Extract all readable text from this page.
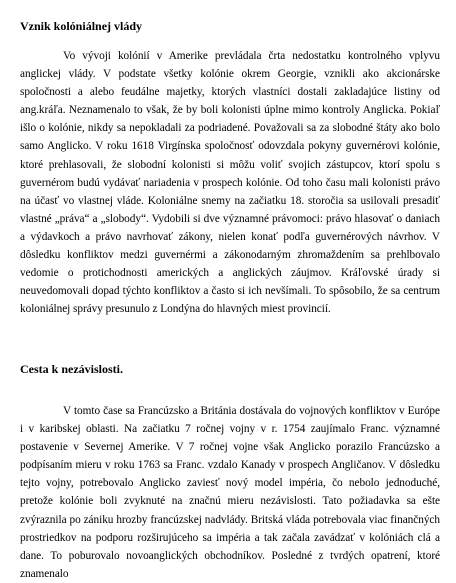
Vznik kolóniálnej vlády

Vo vývoji kolónií v Amerike prevládala črta nedostatku kontrolného vplyvu anglickej vlády. V podstate všetky kolónie okrem Georgie, vznikli ako akcionárske spoločnosti a alebo feudálne majetky, ktorých vlastníci dostali zakladajúce listiny od ang.kráľa. Neznamenalo to však, že by boli kolonisti úplne mimo kontroly Anglicka. Pokiaľ išlo o kolónie, nikdy sa nepokladali za podriadené. Považovali sa za slobodné štáty ako bolo samo Anglicko. V roku 1618 Virgínska spoločnosť odovzdala pokyny guvernérovi kolónie, ktoré prehlasovali, že slobodní kolonisti si môžu voliť svojich zástupcov, ktorí spolu s guvernérom budú vydávať nariadenia v prospech kolónie. Od toho času mali kolonisti právo na účasť vo vlastnej vláde. Koloniálne snemy na začiatku 18. storočia sa usilovali presadiť vlastné „práva“ a „slobody“. Vydobili si dve významné právomoci: právo hlasovať o daniach a výdavkoch a právo navrhovať zákony, nielen konať podľa guvernérových návrhov. V dôsledku konfliktov medzi guvernérmi a zákonodarným zhromaždením sa prehlbovalo vedomie o protichodnosti amerických a anglických záujmov. Kráľovské úrady si neuvedomovali dopad týchto konfliktov a často si ich nevšímali. To spôsobilo, že sa centrum koloniálnej správy presunulo z Londýna do hlavných miest provincií.

Cesta k nezávislosti.

V tomto čase sa Francúzsko a Británia dostávala do vojnových konfliktov v Európe i v karibskej oblasti. Na začiatku 7 ročnej vojny v r. 1754 zaujímalo Franc. významné postavenie v Severnej Amerike. V 7 ročnej vojne však Anglicko porazilo Francúzsko a podpísaním mieru v roku 1763 sa Franc. vzdalo Kanady v prospech Angličanov. V dôsledku tejto vojny, potrebovalo Anglicko zaviesť nový model impéria, čo nebolo jednoduché, pretože kolónie boli zvyknuté na značnú mieru nezávislosti. Tato požiadavka sa ešte zvýraznila po zániku hrozby francúzskej nadvlády. Britská vláda potrebovala viac finančných prostriedkov na podporu rozširujúceho sa impéria a tak začala zavádzať v kolóniách clá a dane. To poburovalo novoanglických obchodníkov. Posledné z tvrdých opatrení, ktoré znamenalo
